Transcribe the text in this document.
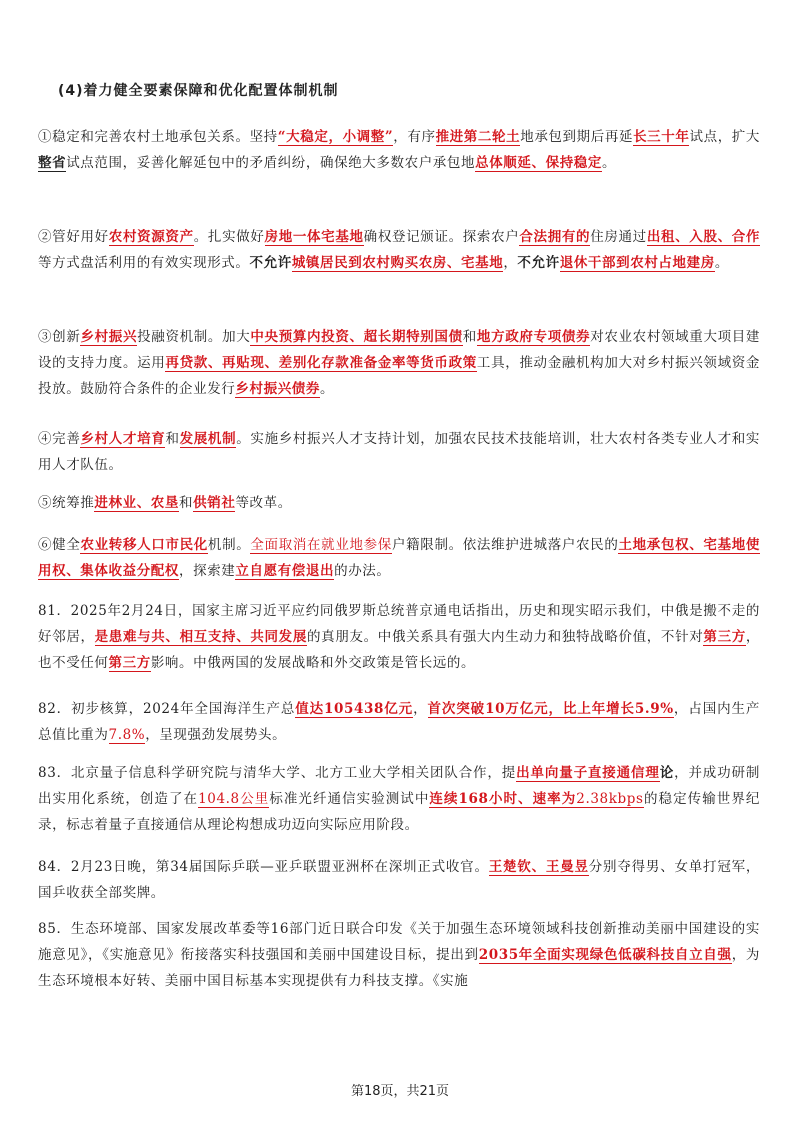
(4)着力健全要素保障和优化配置体制机制

①稳定和完善农村土地承包关系。坚持“大稳定，小调整”，有序推进第二轮土地承包到期后再延长三十年试点，扩大整省试点范围，妥善化解延包中的矛盾纠纷，确保绝大多数农户承包地总体顺延、保持稳定。

②管好用好农村资源资产。扎实做好房地一体宅基地确权登记颁证。探索农户合法拥有的住房通过出租、入股、合作等方式盘活利用的有效实现形式。不允许城镇居民到农村购买农房、宅基地，不允许退休干部到农村占地建房。

③创新乡村振兴投融资机制。加大中央预算内投资、超长期特别国债和地方政府专项债券对农业农村领域重大项目建设的支持力度。运用再贷款、再贴现、差别化存款准备金率等货币政策工具，推动金融机构加大对乡村振兴领域资金投放。鼓励符合条件的企业发行乡村振兴债券。

④完善乡村人才培育和发展机制。实施乡村振兴人才支持计划，加强农民技术技能培训，壮大农村各类专业人才和实用人才队伍。

⑤统筹推进林业、农垦和供销社等改革。

⑥健全农业转移人口市民化机制。全面取消在就业地参保户籍限制。依法维护进城落户农民的土地承包权、宅基地使用权、集体收益分配权，探索建立自愿有偿退出的办法。

81．2025年2月24日，国家主席习近平应约同俄罗斯总统普京通电话指出，历史和现实昭示我们，中俄是搬不走的好邻居，是患难与共、相互支持、共同发展的真朋友。中俄关系具有强大内生动力和独特战略价值，不针对第三方，也不受任何第三方影响。中俄两国的发展战略和外交政策是管长远的。

82．初步核算，2024年全国海洋生产总值达105438亿元，首次突破10万亿元，比上年增长5.9%，占国内生产总值比重为7.8%，呈现强劲发展势头。

83．北京量子信息科学研究院与清华大学、北方工业大学相关团队合作，提出单向量子直接通信理论，并成功研制出实用化系统，创造了在104.8公里标准光纤通信实验测试中连续168小时、速率为2.38kbps的稳定传输世界纪录，标志着量子直接通信从理论构想成功迈向实际应用阶段。

84．2月23日晚，第34届国际乒联—亚乒联盟亚洲杯在深圳正式收官。王楚钦、王曼昱分别夺得男、女单打冠军，国乒收获全部奖牌。

85．生态环境部、国家发展改革委等16部门近日联合印发《关于加强生态环境领域科技创新推动美丽中国建设的实施意见》，《实施意见》衔接落实科技强国和美丽中国建设目标，提出到2035年全面实现绿色低碳科技自立自强，为生态环境根本好转、美丽中国目标基本实现提供有力科技支撑。《实施

第18页，共21页
